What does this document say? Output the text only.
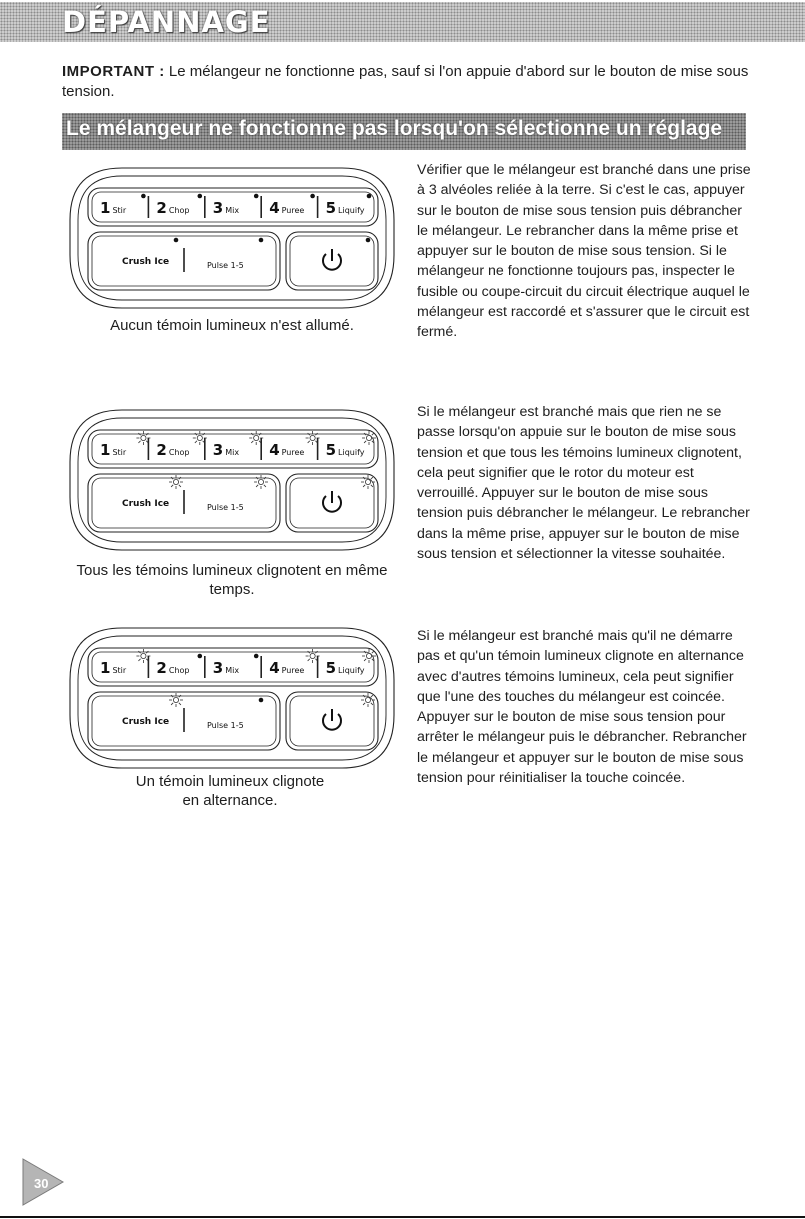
DÉPANNAGE

IMPORTANT : Le mélangeur ne fonctionne pas, sauf si l'on appuie d'abord sur le bouton de mise sous tension.

Le mélangeur ne fonctionne pas lorsqu'on sélectionne un réglage
1 Stir 2 Chop 3 Mix 4 Puree 5 Liquify
Crush Ice	Pulse 1-5

Aucun témoin lumineux n'est allumé.

Vérifier que le mélangeur est branché dans une prise à 3 alvéoles reliée à la terre. Si c'est le cas, appuyer sur le bouton de mise sous tension puis débrancher le mélangeur. Le rebrancher dans la même prise et appuyer sur le bouton de mise sous tension. Si le mélangeur ne fonctionne toujours pas, inspecter le fusible ou coupe-circuit du circuit électrique auquel le mélangeur est raccordé et s'assurer que le circuit est fermé.

1 Stir 2 Chop 3 Mix 4 Puree 5 Liquify
Crush Ice	Pulse 1-5

Tous les témoins lumineux clignotent en même temps.

Si le mélangeur est branché mais que rien ne se passe lorsqu'on appuie sur le bouton de mise sous tension et que tous les témoins lumineux clignotent, cela peut signifier que le rotor du moteur est verrouillé. Appuyer sur le bouton de mise sous tension puis débrancher le mélangeur. Le rebrancher dans la même prise, appuyer sur le bouton de mise sous tension et sélectionner la vitesse souhaitée.

1 Stir 2 Chop 3 Mix 4 Puree 5 Liquify
Crush Ice	Pulse 1-5

Un témoin lumineux clignote en alternance.

Si le mélangeur est branché mais qu'il ne démarre pas et qu'un témoin lumineux clignote en alternance avec d'autres témoins lumineux, cela peut signifier que l'une des touches du mélangeur est coincée. Appuyer sur le bouton de mise sous tension pour arrêter le mélangeur puis le débrancher. Rebrancher le mélangeur et appuyer sur le bouton de mise sous tension pour réinitialiser la touche coincée.

30
